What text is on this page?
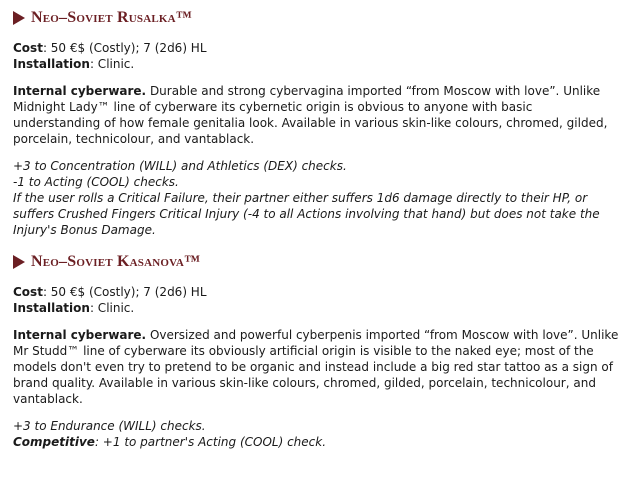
Neo–Soviet Rusalka™

Cost: 50 €$ (Costly); 7 (2d6) HL

Installation: Clinic.

Internal cyberware. Durable and strong cybervagina imported “from Moscow with love”. Unlike Midnight Lady™ line of cyberware its cybernetic origin is obvious to anyone with basic understanding of how female genitalia look. Available in various skin-like colours, chromed, gilded, porcelain, technicolour, and vantablack.

+3 to Concentration (WILL) and Athletics (DEX) checks.

-1 to Acting (COOL) checks.

If the user rolls a Critical Failure, their partner either suffers 1d6 damage directly to their HP, or suffers Crushed Fingers Critical Injury (-4 to all Actions involving that hand) but does not take the Injury's Bonus Damage.

Neo–Soviet Kasanova™

Cost: 50 €$ (Costly); 7 (2d6) HL

Installation: Clinic.

Internal cyberware. Oversized and powerful cyberpenis imported “from Moscow with love”. Unlike Mr Studd™ line of cyberware its obviously artificial origin is visible to the naked eye; most of the models don't even try to pretend to be organic and instead include a big red star tattoo as a sign of brand quality. Available in various skin-like colours, chromed, gilded, porcelain, technicolour, and vantablack.

+3 to Endurance (WILL) checks.

Competitive: +1 to partner's Acting (COOL) check.
